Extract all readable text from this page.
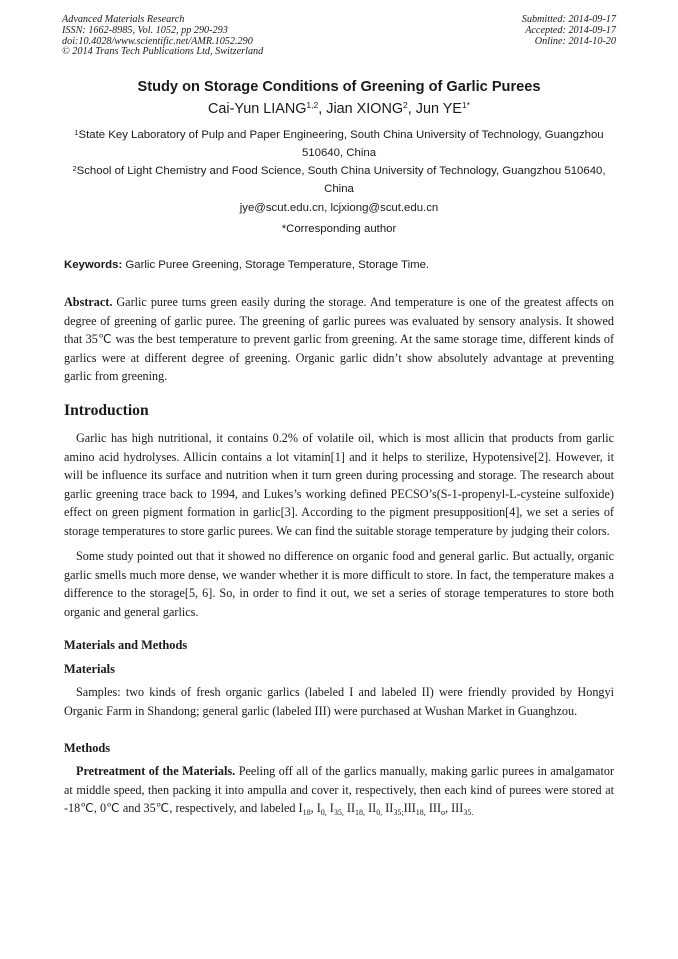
Advanced Materials Research
ISSN: 1662-8985, Vol. 1052, pp 290-293
doi:10.4028/www.scientific.net/AMR.1052.290
© 2014 Trans Tech Publications Ltd, Switzerland
Submitted: 2014-09-17
Accepted: 2014-09-17
Online: 2014-10-20
Study on Storage Conditions of Greening of Garlic Purees
Cai-Yun LIANG$^{1,2}$, Jian XIONG$^2$, Jun $YE^{1*}$
$^1$State Key Laboratory of Pulp and Paper Engineering, South China University of Technology, Guangzhou 510640, China
$^2$School of Light Chemistry and Food Science, South China University of Technology, Guangzhou 510640, China
jye@scut.edu.cn, lcjxiong@scut.edu.cn
*Corresponding author
Keywords: Garlic Puree Greening, Storage Temperature, Storage Time.
Abstract. Garlic puree turns green easily during the storage. And temperature is one of the greatest affects on degree of greening of garlic puree. The greening of garlic purees was evaluated by sensory analysis. It showed that 35℃ was the best temperature to prevent garlic from greening. At the same storage time, different kinds of garlics were at different degree of greening. Organic garlic didn’t show absolutely advantage at preventing garlic from greening.
Introduction
Garlic has high nutritional, it contains 0.2% of volatile oil, which is most allicin that products from garlic amino acid hydrolyses. Allicin contains a lot vitamin[1] and it helps to sterilize, Hypotensive[2]. However, it will be influence its surface and nutrition when it turn green during processing and storage. The research about garlic greening trace back to 1994, and Lukes’s working defined PECSO’s(S-1-propenyl-L-cysteine sulfoxide) effect on green pigment formation in garlic[3]. According to the pigment presupposition[4], we set a series of storage temperatures to store garlic purees. We can find the suitable storage temperature by judging their colors.
Some study pointed out that it showed no difference on organic food and general garlic. But actually, organic garlic smells much more dense, we wander whether it is more difficult to store. In fact, the temperature makes a difference to the storage[5, 6]. So, in order to find it out, we set a series of storage temperatures to store both organic and general garlics.
Materials and Methods
Materials
Samples: two kinds of fresh organic garlics (labeled I and labeled II) were friendly provided by Hongyi Organic Farm in Shandong; general garlic (labeled III) were purchased at Wushan Market in Guanghzou.
Methods
Pretreatment of the Materials. Peeling off all of the garlics manually, making garlic purees in amalgamator at middle speed, then packing it into ampulla and cover it, respectively, then each kind of purees were stored at -18℃, 0℃ and 35℃, respectively, and labeled $I_{18}$, $I_{0,}$ $I_{35,}$ $II_{18,}$ $II_{0,}$ $II_{35;}III_{18,}$ $III_o$, $III_{35.}$
